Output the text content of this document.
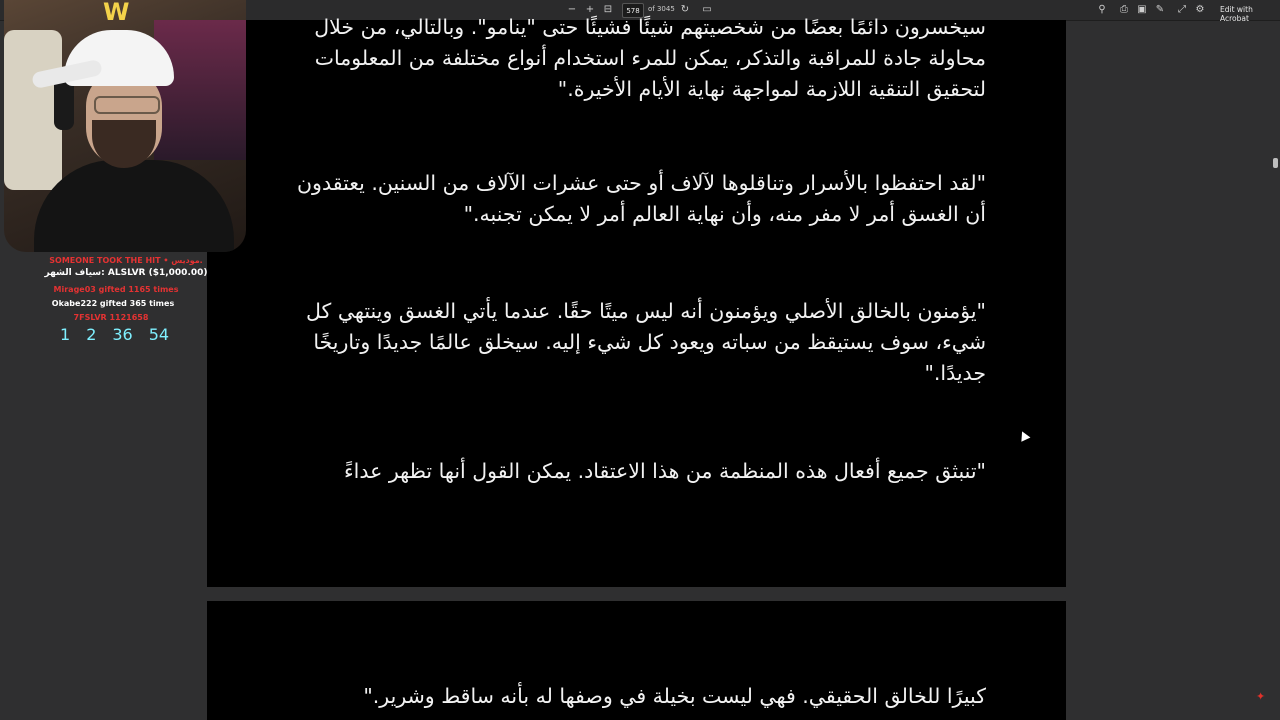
− + ⊟	578	of 3045 ↻ ▭	⚲ ⎙ ▣ ✎ ⤢ ⚙ Edit with Acrobat
سيخسرون دائمًا بعضًا من شخصيتهم شيئًا فشيئًا حتى "ينامو". وبالتالي، من خلال محاولة جادة للمراقبة والتذكر، يمكن للمرء استخدام أنواع مختلفة من المعلومات لتحقيق التنقية اللازمة لمواجهة نهاية الأيام الأخيرة."
"لقد احتفظوا بالأسرار وتناقلوها لآلاف أو حتى عشرات الآلاف من السنين. يعتقدون أن الغسق أمر لا مفر منه، وأن نهاية العالم أمر لا يمكن تجنبه."
"يؤمنون بالخالق الأصلي ويؤمنون أنه ليس ميتًا حقًا. عندما يأتي الغسق وينتهي كل شيء، سوف يستيقظ من سباته ويعود كل شيء إليه. سيخلق عالمًا جديدًا وتاريخًا جديدًا."
"تنبثق جميع أفعال هذه المنظمة من هذا الاعتقاد. يمكن القول أنها تظهر عداءً
كبيرًا للخالق الحقيقي. فهي ليست بخيلة في وصفها له بأنه ساقط وشرير."	✦
W
SOMEONE TOOK THE HIT • موديس.
سياف الشهر: ALSLVR ($1,000.00)
Mirage03 gifted 1165 times
Okabe222 gifted 365 times
7FSLVR 1121658
1 2 36 54
